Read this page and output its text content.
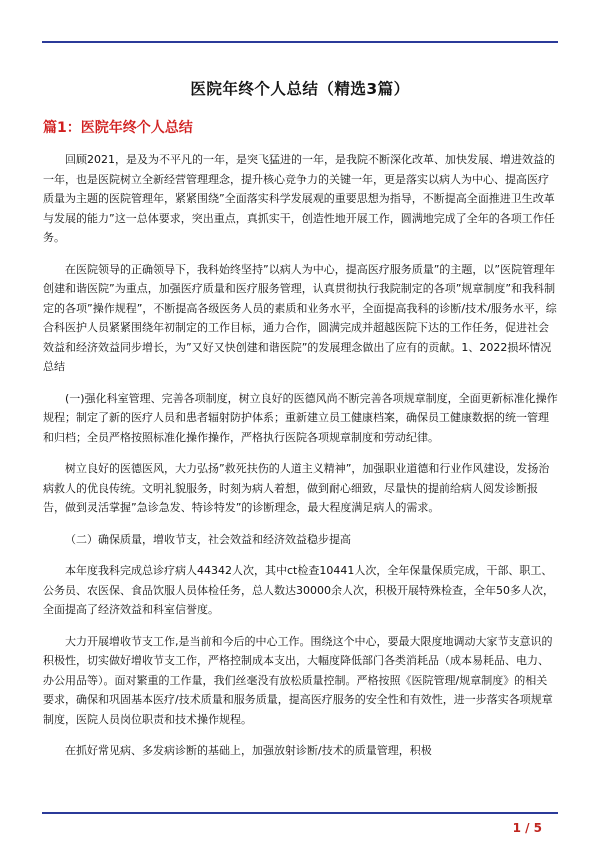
医院年终个人总结（精选3篇）
篇1：医院年终个人总结

回顾2021，是及为不平凡的一年，是突飞猛进的一年，是我院不断深化改革、加快发展、增进效益的一年，也是医院树立全新经营管理理念，提升核心竞争力的关键一年，更是落实以病人为中心、提高医疗质量为主题的医院管理年，紧紧围绕”全面落实科学发展观的重要思想为指导，不断提高全面推进卫生改革与发展的能力”这一总体要求，突出重点，真抓实干，创造性地开展工作，圆满地完成了全年的各项工作任务。

在医院领导的正确领导下，我科始终坚持”以病人为中心，提高医疗服务质量”的主题，以”医院管理年创建和谐医院”为重点，加强医疗质量和医疗服务管理，认真贯彻执行我院制定的各项”规章制度”和我科制定的各项”操作规程”，不断提高各级医务人员的素质和业务水平，全面提高我科的诊断/技术/服务水平，综合科医护人员紧紧围绕年初制定的工作目标，通力合作，圆满完成并超越医院下达的工作任务，促进社会效益和经济效益同步增长，为”又好又快创建和谐医院”的发展理念做出了应有的贡献。1、2022损坏情况总结

(一)强化科室管理、完善各项制度，树立良好的医德风尚不断完善各项规章制度，全面更新标准化操作规程；制定了新的医疗人员和患者辐射防护体系；重新建立员工健康档案，确保员工健康数据的统一管理和归档；全员严格按照标准化操作操作，严格执行医院各项规章制度和劳动纪律。

树立良好的医德医风，大力弘扬”救死扶伤的人道主义精神”，加强职业道德和行业作风建设，发扬治病救人的优良传统。文明礼貌服务，时刻为病人着想，做到耐心细致，尽量快的提前给病人阅发诊断报告，做到灵活掌握”急诊急发、特诊特发”的诊断理念，最大程度满足病人的需求。

（二）确保质量，增收节支，社会效益和经济效益稳步提高

本年度我科完成总诊疗病人44342人次，其中ct检查10441人次，全年保量保质完成，干部、职工、公务员、农医保、食品饮服人员体检任务，总人数达30000余人次，积极开展特殊检查，全年50多人次，全面提高了经济效益和科室信誉度。

大力开展增收节支工作,是当前和今后的中心工作。围绕这个中心，要最大限度地调动大家节支意识的积极性，切实做好增收节支工作，严格控制成本支出，大幅度降低部门各类消耗品（成本易耗品、电力、办公用品等）。面对繁重的工作量，我们丝毫没有放松质量控制。严格按照《医院管理/规章制度》的相关要求，确保和巩固基本医疗/技术质量和服务质量，提高医疗服务的安全性和有效性，进一步落实各项规章制度，医院人员岗位职责和技术操作规程。

在抓好常见病、多发病诊断的基础上，加强放射诊断/技术的质量管理，积极

1 / 5
